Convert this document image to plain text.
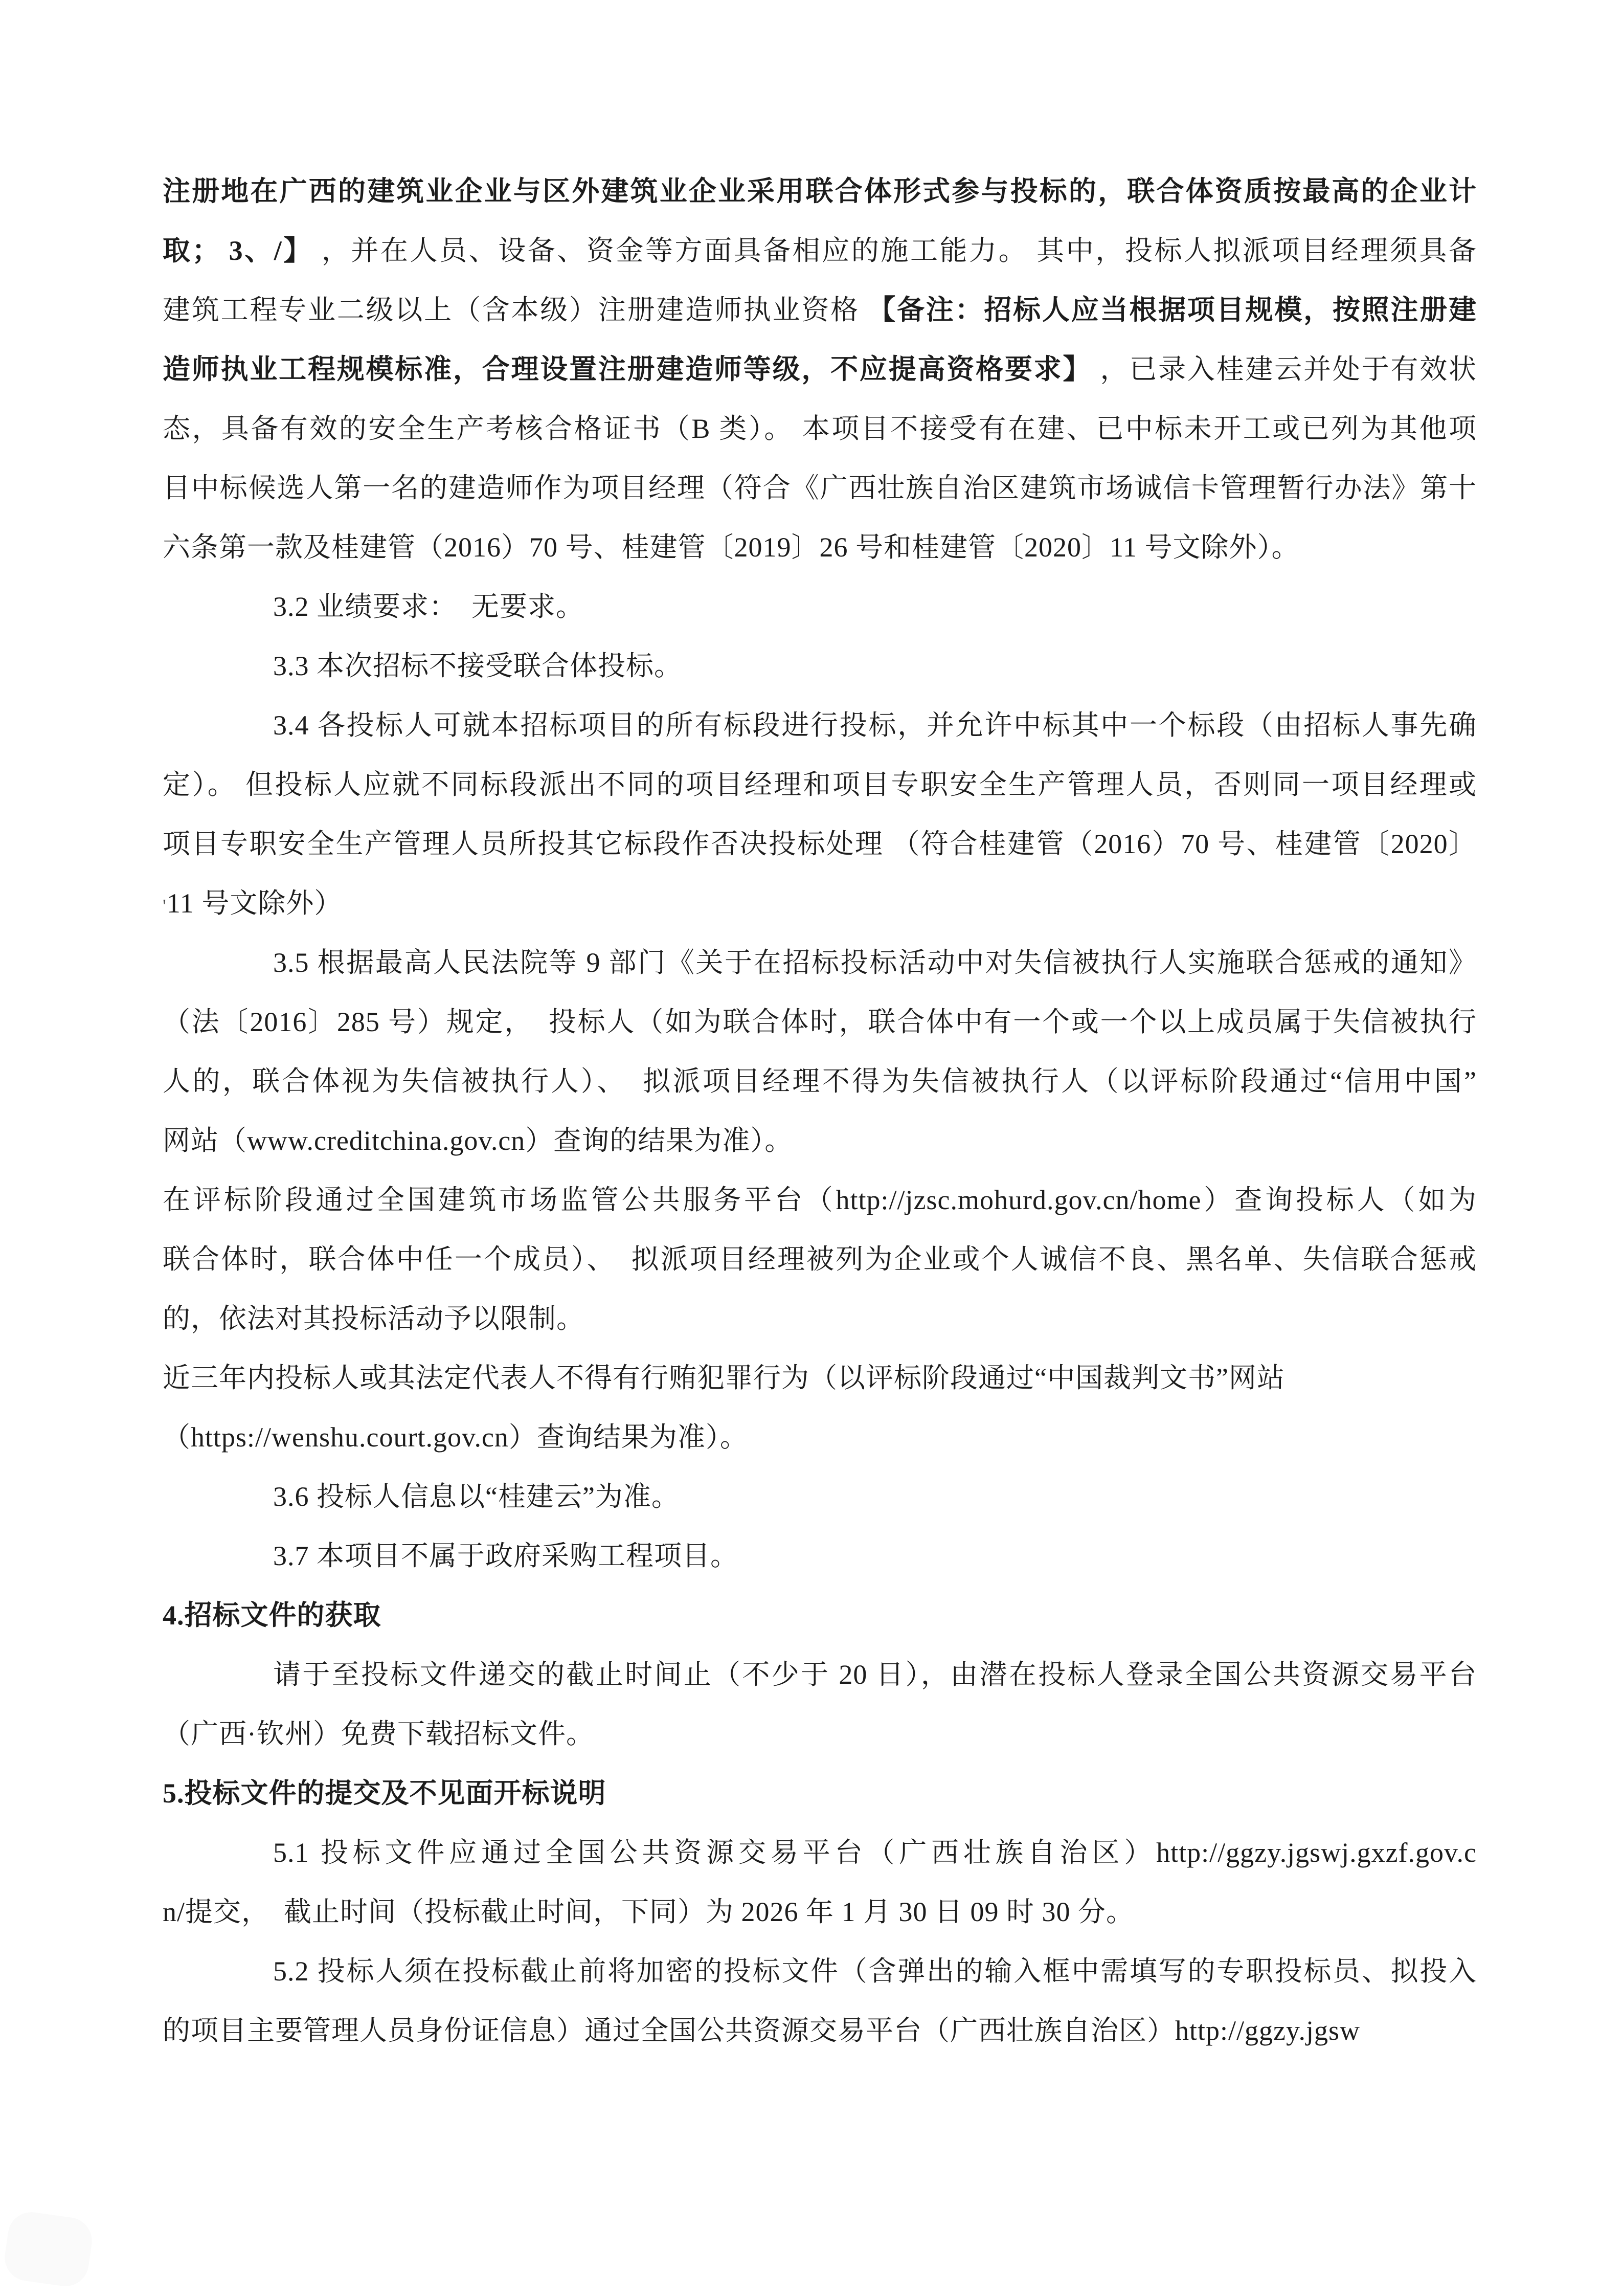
注册地在广西的建筑业企业与区外建筑业企业采用联合体形式参与投标的，联合体资质按最高的企业计
取； 3、/】 ，并在人员、设备、资金等方面具备相应的施工能力。 其中，投标人拟派项目经理须具备
建筑工程专业二级以上（含本级）注册建造师执业资格 【备注：招标人应当根据项目规模，按照注册建
造师执业工程规模标准，合理设置注册建造师等级，不应提高资格要求】 ，已录入桂建云并处于有效状
态，具备有效的安全生产考核合格证书（B 类）。 本项目不接受有在建、已中标未开工或已列为其他项
目中标候选人第一名的建造师作为项目经理（符合《广西壮族自治区建筑市场诚信卡管理暂行办法》第十
六条第一款及桂建管（2016）70 号、桂建管〔2019〕26 号和桂建管〔2020〕11 号文除外）。
3.2 业绩要求：　无要求。
3.3 本次招标不接受联合体投标。
3.4 各投标人可就本招标项目的所有标段进行投标，并允许中标其中一个标段（由招标人事先确
定）。 但投标人应就不同标段派出不同的项目经理和项目专职安全生产管理人员，否则同一项目经理或
项目专职安全生产管理人员所投其它标段作否决投标处理 （符合桂建管（2016）70 号、桂建管〔2020〕
'11 号文除外）
3.5 根据最高人民法院等 9 部门《关于在招标投标活动中对失信被执行人实施联合惩戒的通知》
（法〔2016〕285 号）规定，　投标人（如为联合体时，联合体中有一个或一个以上成员属于失信被执行
人的，联合体视为失信被执行人）、　拟派项目经理不得为失信被执行人（以评标阶段通过“信用中国”
网站（www.creditchina.gov.cn）查询的结果为准）。
在评标阶段通过全国建筑市场监管公共服务平台（http://jzsc.mohurd.gov.cn/home）查询投标人（如为
联合体时，联合体中任一个成员）、　拟派项目经理被列为企业或个人诚信不良、黑名单、失信联合惩戒
的，依法对其投标活动予以限制。
近三年内投标人或其法定代表人不得有行贿犯罪行为（以评标阶段通过“中国裁判文书”网站
（https://wenshu.court.gov.cn）查询结果为准）。
3.6 投标人信息以“桂建云”为准。
3.7 本项目不属于政府采购工程项目。
4.招标文件的获取
请于至投标文件递交的截止时间止（不少于 20 日），由潜在投标人登录全国公共资源交易平台
（广西·钦州）免费下载招标文件。
5.投标文件的提交及不见面开标说明
5.1 投标文件应通过全国公共资源交易平台（广西壮族自治区）http://ggzy.jgswj.gxzf.gov.c
n/提交，　截止时间（投标截止时间，下同）为 2026 年 1 月 30 日 09 时 30 分。
5.2 投标人须在投标截止前将加密的投标文件（含弹出的输入框中需填写的专职投标员、拟投入
的项目主要管理人员身份证信息）通过全国公共资源交易平台（广西壮族自治区）http://ggzy.jgsw
